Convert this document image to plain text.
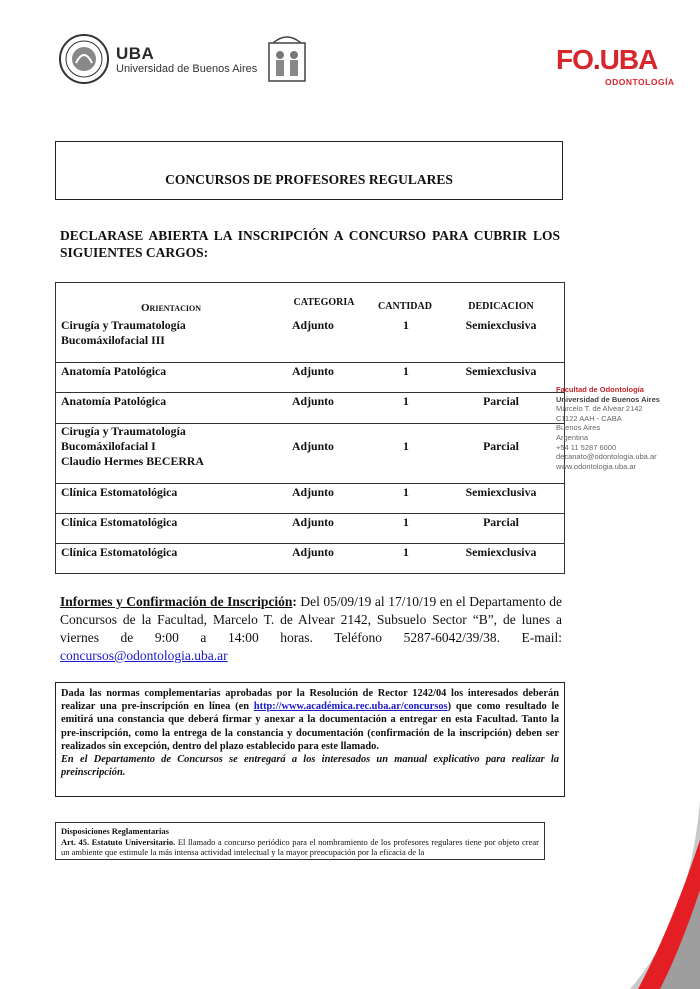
UBA
Universidad de Buenos Aires	FO.UBA
ODONTOLOGÍA
CONCURSOS DE PROFESORES REGULARES
DECLARASE ABIERTA LA INSCRIPCIÓN A CONCURSO PARA CUBRIR LOS SIGUIENTES CARGOS:
Orientacion	CATEGORIA	CANTIDAD	DEDICACION
Cirugía y Traumatología
Bucomáxilofacial III
Adjunto	1	Semiexclusiva
Anatomía Patológica	Adjunto	1	Semiexclusiva
Anatomía Patológica	Adjunto	1	Parcial
Cirugía y Traumatología
Bucomáxilofacial I
Claudio Hermes BECERRA
Adjunto	1	Parcial
Clínica Estomatológica	Adjunto	1	Semiexclusiva
Clínica Estomatológica	Adjunto	1	Parcial
Clínica Estomatológica	Adjunto	1	Semiexclusiva
Facultad de Odontología
Universidad de Buenos Aires
Marcelo T. de Alvear 2142
C1122 AAH - CABA
Buenos Aires
Argentina
+54 11 5287 6000
decanato@odontologia.uba.ar
www.odontologia.uba.ar
Informes y Confirmación de Inscripción: Del 05/09/19 al 17/10/19 en el Departamento de Concursos de la Facultad, Marcelo T. de Alvear 2142, Subsuelo Sector “B”, de lunes a viernes de 9:00 a 14:00 horas. Teléfono 5287-6042/39/38. E-mail: concursos@odontologia.uba.ar
Dada las normas complementarias aprobadas por la Resolución de Rector 1242/04 los interesados deberán realizar una pre-inscripción en línea (en http://www.académica.rec.uba.ar/concursos) que como resultado le emitirá una constancia que deberá firmar y anexar a la documentación a entregar en esta Facultad. Tanto la pre-inscripción, como la entrega de la constancia y documentación (confirmación de la inscripción) deben ser realizados sin excepción, dentro del plazo establecido para este llamado.
En el Departamento de Concursos se entregará a los interesados un manual explicativo para realizar la preinscripción.
Disposiciones Reglamentarias
Art. 45. Estatuto Universitario. El llamado a concurso periódico para el nombramiento de los profesores regulares tiene por objeto crear un ambiente que estimule la más intensa actividad intelectual y la mayor preocupación por la eficacia de la
